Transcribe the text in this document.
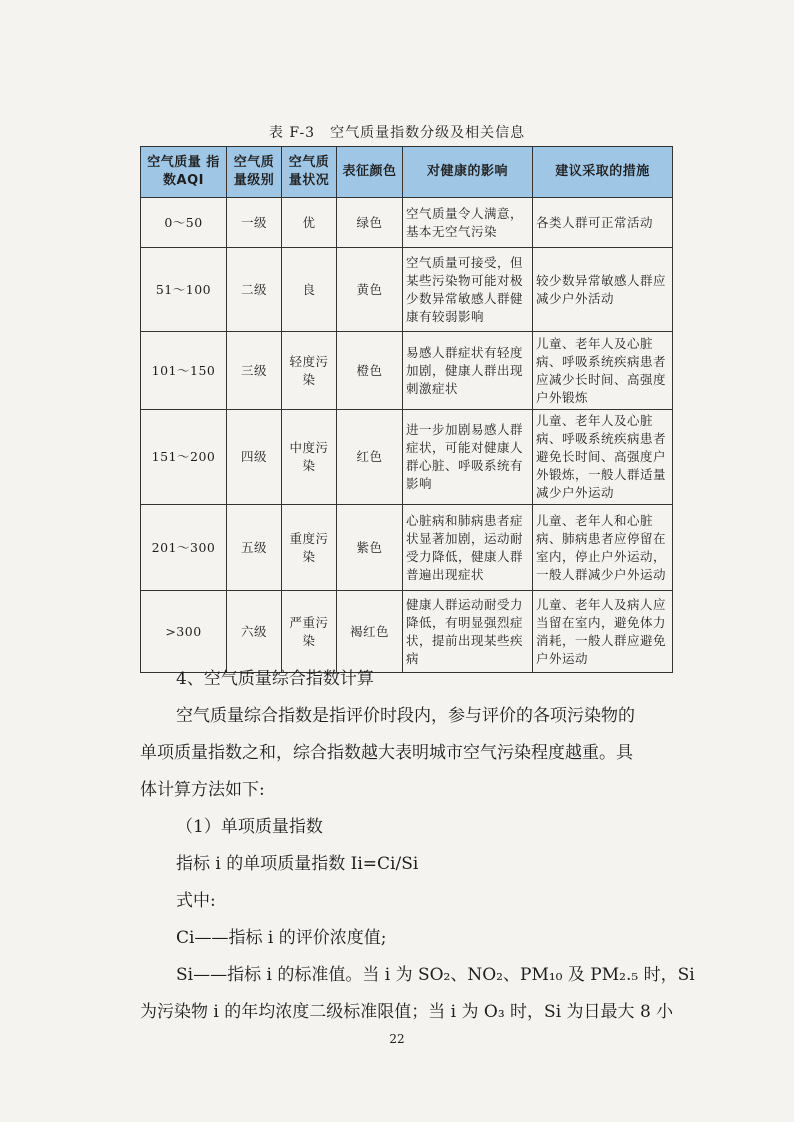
表 F-3　空气质量指数分级及相关信息
空气质量 指数AQI	空气质量级别	空气质量状况	表征颜色	对健康的影响	建议采取的措施
0～50	一级	优	绿色	空气质量令人满意，基本无空气污染	各类人群可正常活动
51～100	二级	良	黄色	空气质量可接受，但某些污染物可能对极少数异常敏感人群健康有较弱影响	较少数异常敏感人群应减少户外活动
101～150	三级	轻度污染	橙色	易感人群症状有轻度加剧，健康人群出现刺激症状	儿童、老年人及心脏病、呼吸系统疾病患者应减少长时间、高强度户外锻炼
151～200	四级	中度污染	红色	进一步加剧易感人群症状，可能对健康人群心脏、呼吸系统有影响	儿童、老年人及心脏病、呼吸系统疾病患者避免长时间、高强度户外锻炼，一般人群适量减少户外运动
201～300	五级	重度污染	紫色	心脏病和肺病患者症状显著加剧，运动耐受力降低，健康人群普遍出现症状	儿童、老年人和心脏病、肺病患者应停留在室内，停止户外运动，一般人群减少户外运动
>300	六级	严重污染	褐红色	健康人群运动耐受力降低，有明显强烈症状，提前出现某些疾病	儿童、老年人及病人应当留在室内，避免体力消耗，一般人群应避免户外运动

4、空气质量综合指数计算

空气质量综合指数是指评价时段内，参与评价的各项污染物的

单项质量指数之和，综合指数越大表明城市空气污染程度越重。具

体计算方法如下:

（1）单项质量指数

指标 i 的单项质量指数 Ii=Ci/Si

式中:

Ci——指标 i 的评价浓度值;

Si——指标 i 的标准值。当 i 为 SO₂、NO₂、PM₁₀ 及 PM₂.₅ 时，Si

为污染物 i 的年均浓度二级标准限值；当 i 为 O₃ 时，Si 为日最大 8 小

22
